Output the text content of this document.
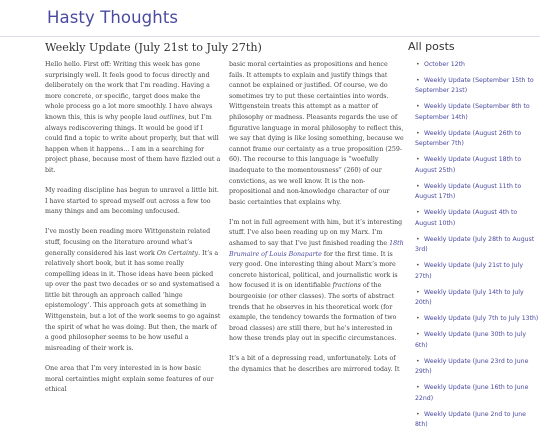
Hasty Thoughts
Weekly Update (July 21st to July 27th)

Hello hello. First off: Writing this week has gone surprisingly well. It feels good to focus directly and deliberately on the work that I’m reading. Having a more concrete, or specific, target does make the whole process go a lot more smoothly. I have always known this, this is why people laud outlines, but I’m always rediscovering things. It would be good if I could find a topic to write about properly, but that will happen when it happens… I am in a searching for project phase, because most of them have fizzled out a bit.

My reading discipline has begun to unravel a little bit. I have started to spread myself out across a few too many things and am becoming unfocused.

I’ve mostly been reading more Wittgenstein related stuff, focusing on the literature around what’s generally considered his last work On Certainty. It’s a relatively short book, but it has some really compelling ideas in it. Those ideas have been picked up over the past two decades or so and systematised a little bit through an approach called ‘hinge epistemology’. This approach gets at something in Wittgenstein, but a lot of the work seems to go against the spirit of what he was doing. But then, the mark of a good philosopher seems to be how useful a misreading of their work is.

One area that I’m very interested in is how basic moral certainties might explain some features of our ethical

basic moral certainties as propositions and hence fails. It attempts to explain and justify things that cannot be explained or justified. Of course, we do sometimes try to put these certainties into words. Wittgenstein treats this attempt as a matter of philosophy or madness. Pleasants regards the use of figurative language in moral philosophy to reflect this, we say that dying is like losing something, because we cannot frame our certainty as a true proposition (259-60). The recourse to this language is “woefully inadequate to the momentousness” (260) of our convictions, as we well know. It is the non-propositional and non-knowledge character of our basic certainties that explains why.

I’m not in full agreement with him, but it’s interesting stuff. I’ve also been reading up on my Marx. I’m ashamed to say that I’ve just finished reading the 18th Brumaire of Louis Bonaparte for the first time. It is very good. One interesting thing about Marx’s more concrete historical, political, and journalistic work is how focused it is on identifiable fractions of the bourgeoisie (or other classes). The sorts of abstract trends that he observes in his theoretical work (for example, the tendency towards the formation of two broad classes) are still there, but he’s interested in how these trends play out in specific circumstances.

It’s a bit of a depressing read, unfortunately. Lots of the dynamics that he describes are mirrored today. It

All posts
• October 12th
• Weekly Update (September 15th to September 21st)
• Weekly Update (September 8th to September 14th)
• Weekly Update (August 26th to September 7th)
• Weekly Update (August 18th to August 25th)
• Weekly Update (August 11th to August 17th)
• Weekly Update (August 4th to August 10th)
• Weekly Update (July 28th to August 3rd)
• Weekly Update (July 21st to July 27th)
• Weekly Update (July 14th to July 20th)
• Weekly Update (July 7th to July 13th)
• Weekly Update (June 30th to July 6th)
• Weekly Update (June 23rd to June 29th)
• Weekly Update (June 16th to June 22nd)
• Weekly Update (June 2nd to June 8th)
